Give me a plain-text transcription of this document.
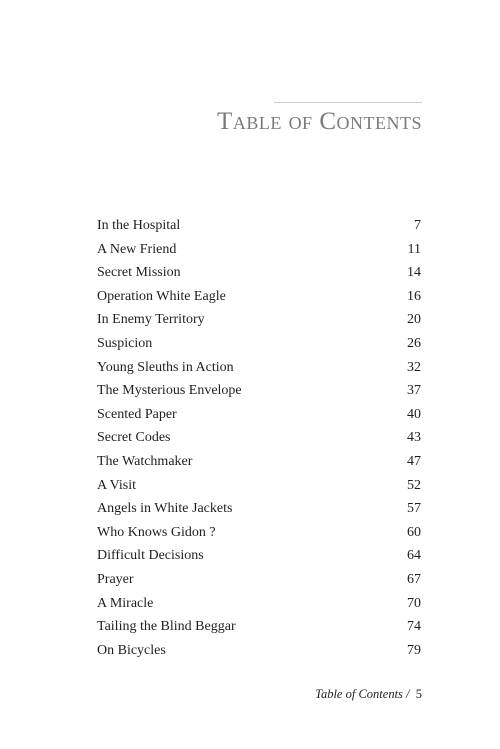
Table of Contents
In the Hospital	7
A New Friend	11
Secret Mission	14
Operation White Eagle	16
In Enemy Territory	20
Suspicion	26
Young Sleuths in Action	32
The Mysterious Envelope	37
Scented Paper	40
Secret Codes	43
The Watchmaker	47
A Visit	52
Angels in White Jackets	57
Who Knows Gidon ?	60
Difficult Decisions	64
Prayer	67
A Miracle	70
Tailing the Blind Beggar	74
On Bicycles	79
Table of Contents / 5
